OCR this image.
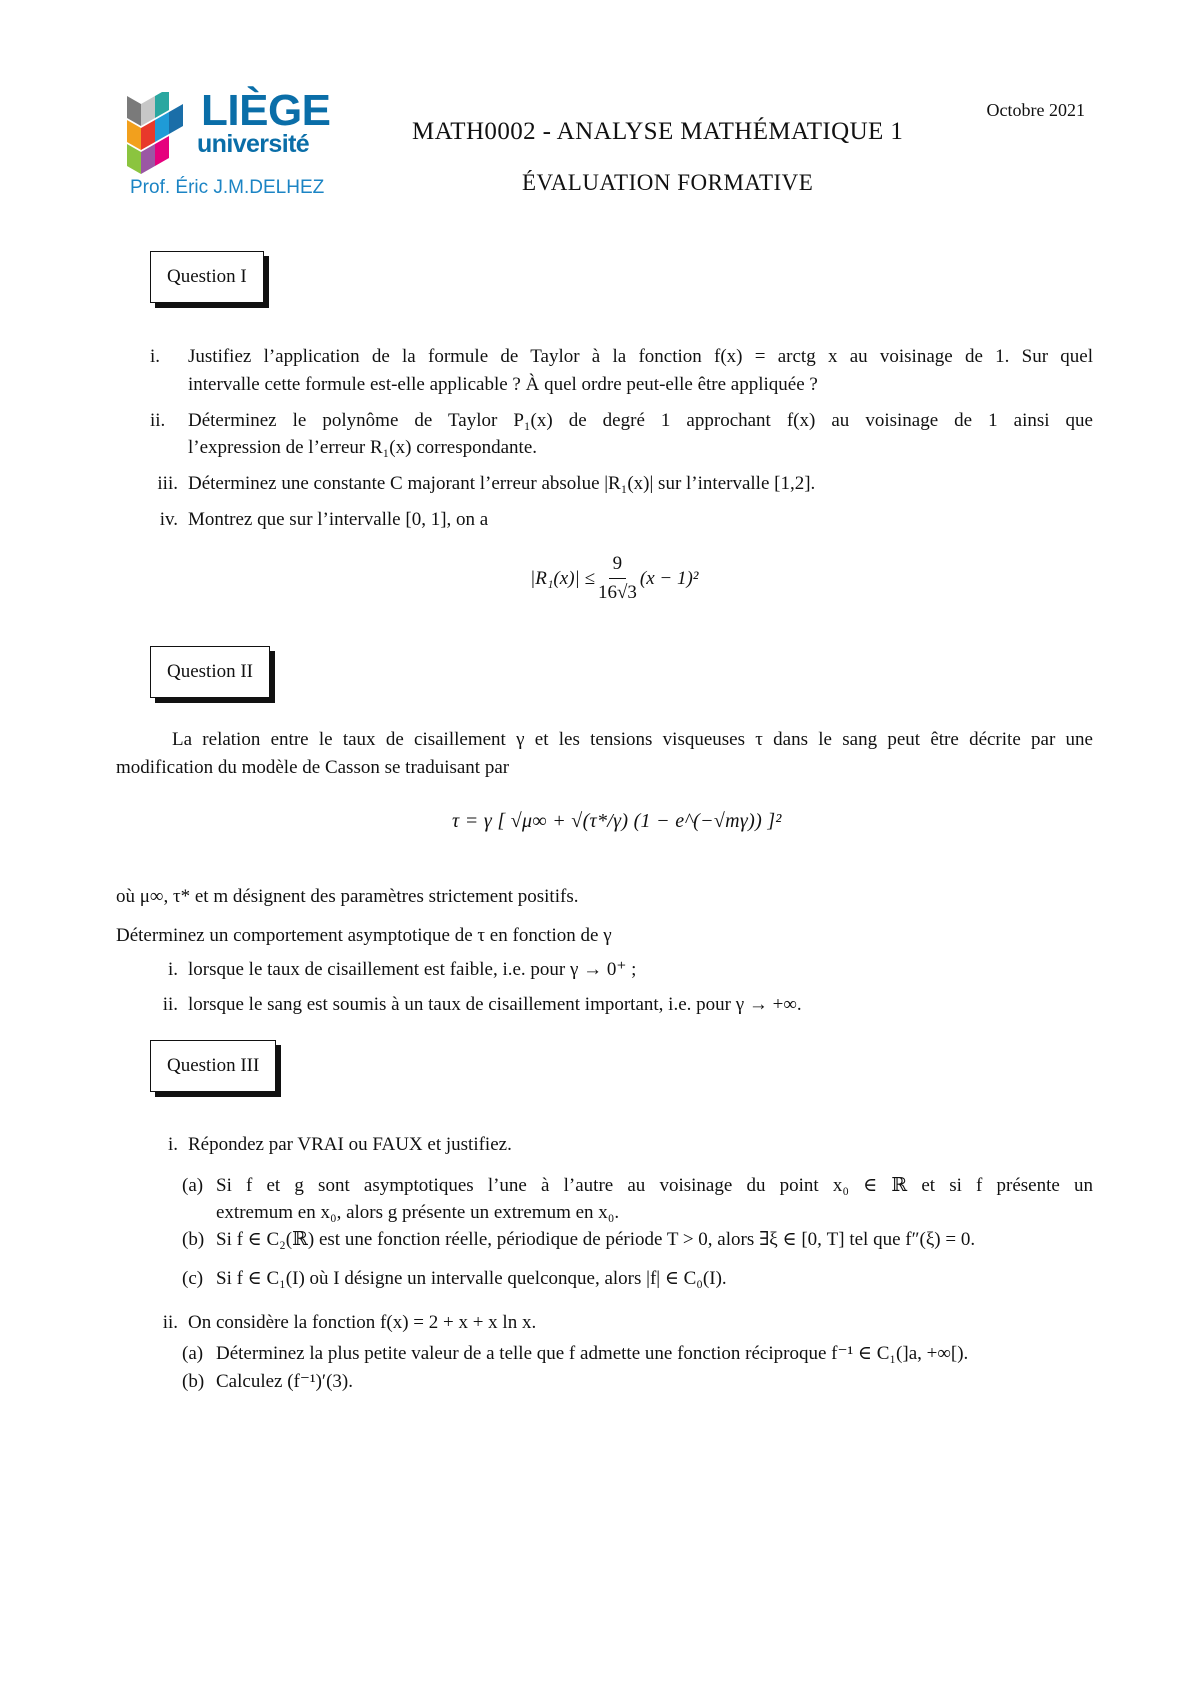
LIÈGE
université
Prof. Éric J.M.DELHEZ
Octobre 2021
MATH0002 - ANALYSE MATHÉMATIQUE 1
ÉVALUATION FORMATIVE
Question I
i. Justifiez l’application de la formule de Taylor à la fonction f(x) = arctg x au voisinage de 1. Sur quel
intervalle cette formule est-elle applicable ? À quel ordre peut-elle être appliquée ?
ii. Déterminez le polynôme de Taylor P₁(x) de degré 1 approchant f(x) au voisinage de 1 ainsi que
l’expression de l’erreur R₁(x) correspondante.
iii. Déterminez une constante C majorant l’erreur absolue |R₁(x)| sur l’intervalle [1,2].
iv. Montrez que sur l’intervalle [0, 1], on a
$|R_1(x)| \le \frac{9}{16√3} (x - 1)^2$
Question II
La relation entre le taux de cisaillement γ et les tensions visqueuses τ dans le sang peut être décrite par une
modification du modèle de Casson se traduisant par
τ = γ [ √μ∞ + √(τ*/γ) (1 − e^(−√mγ)) ]²
où μ∞, τ* et m désignent des paramètres strictement positifs.
Déterminez un comportement asymptotique de τ en fonction de γ
i. lorsque le taux de cisaillement est faible, i.e. pour γ → 0⁺ ;
ii. lorsque le sang est soumis à un taux de cisaillement important, i.e. pour γ → +∞.
Question III
i. Répondez par VRAI ou FAUX et justifiez.
(a) Si f et g sont asymptotiques l’une à l’autre au voisinage du point x₀ ∈ ℝ et si f présente un
extremum en x₀, alors g présente un extremum en x₀.
(b) Si f ∈ C₂(ℝ) est une fonction réelle, périodique de période T > 0, alors ∃ξ ∈ [0, T] tel que f″(ξ) = 0.
(c) Si f ∈ C₁(I) où I désigne un intervalle quelconque, alors |f| ∈ C₀(I).
ii. On considère la fonction f(x) = 2 + x + x ln x.
(a) Déterminez la plus petite valeur de a telle que f admette une fonction réciproque f⁻¹ ∈ C₁(]a, +∞[).
(b) Calculez (f⁻¹)′(3).
